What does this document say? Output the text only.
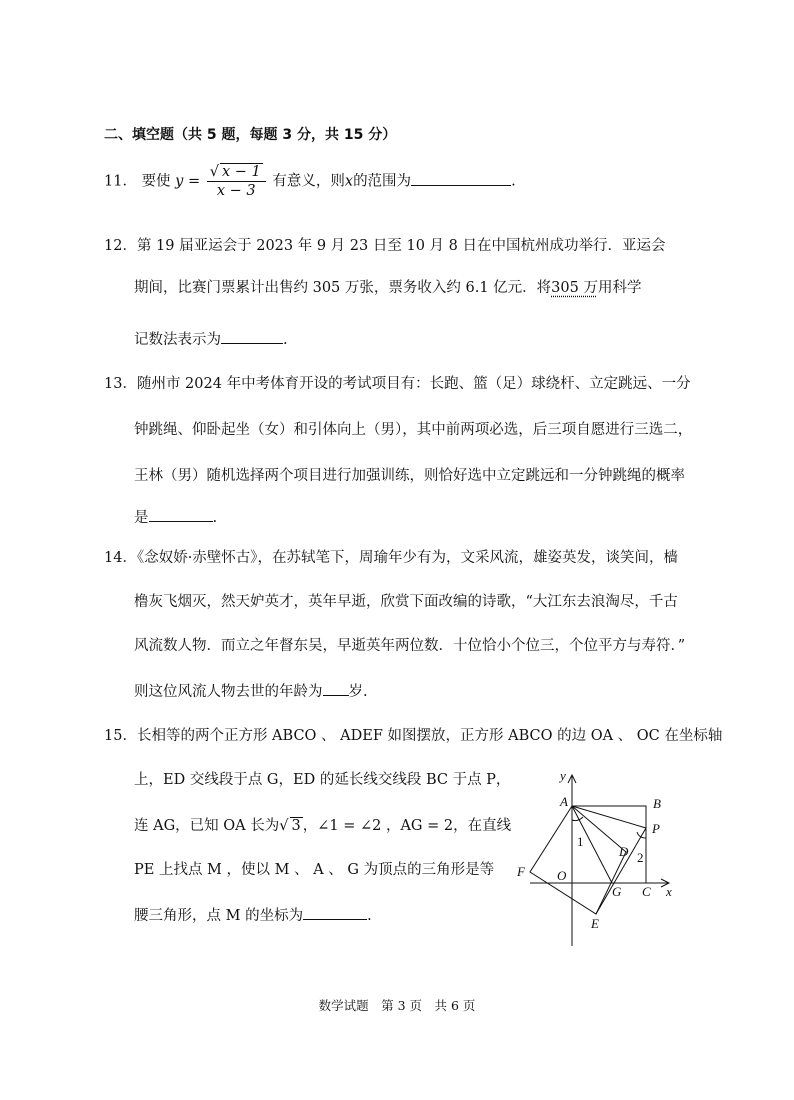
二、填空题（共 5 题，每题 3 分，共 15 分）
11． 要使 $y = \frac{√ x - 1}{x - 3}$ 有意义，则x的范围为	.
12．第 19 届亚运会于 2023 年 9 月 23 日至 10 月 8 日在中国杭州成功举行．亚运会
期间，比赛门票累计出售约 305 万张，票务收入约 6.1 亿元．将305 万用科学
记数法表示为	.
13．随州市 2024 年中考体育开设的考试项目有：长跑、篮（足）球绕杆、立定跳远、一分
钟跳绳、仰卧起坐（女）和引体向上（男），其中前两项必选，后三项自愿进行三选二，
王林（男）随机选择两个项目进行加强训练，则恰好选中立定跳远和一分钟跳绳的概率
是	.
14．《念奴娇·赤壁怀古》，在苏轼笔下，周瑜年少有为，文采风流，雄姿英发，谈笑间，樯
橹灰飞烟灭，然天妒英才，英年早逝，欣赏下面改编的诗歌，“大江东去浪淘尽，千古
风流数人物．而立之年督东吴，早逝英年两位数．十位恰小个位三，个位平方与寿符．”
则这位风流人物去世的年龄为 岁.
15．长相等的两个正方形 ABCO 、 ADEF 如图摆放，正方形 ABCO 的边 OA 、 OC 在坐标轴
上，ED 交线段于点 G，ED 的延长线交线段 BC 于点 P，
连 AG，已知 OA 长为√ 3 ，∠1 = ∠2 ，AG = 2，在直线
PE 上找点 M ，使以 M 、 A 、 G 为顶点的三角形是等
腰三角形，点 M 的坐标为	.
y
x
A	B
P
D
1
2
F O
G C
E
数学试题　第 3 页　共 6 页
